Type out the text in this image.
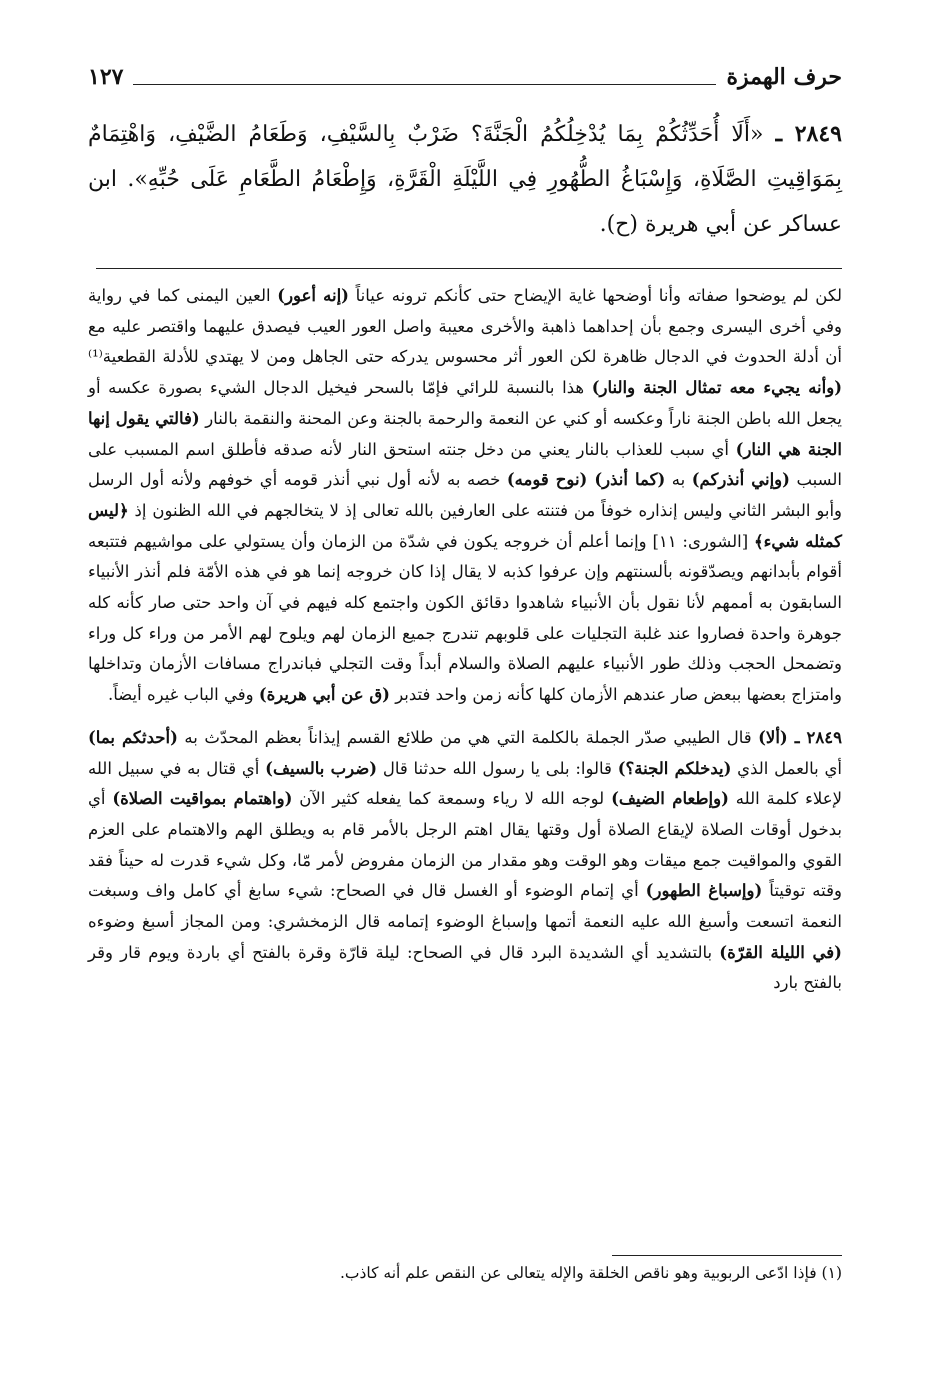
حرف الهمزة
١٢٧
٢٨٤٩ ـ «أَلَا أُحَدِّثُكُمْ بِمَا يُدْخِلُكُمُ الْجَنَّةَ؟ ضَرْبٌ بِالسَّيْفِ، وَطَعَامُ الضَّيْفِ، وَاهْتِمَامٌ بِمَوَاقِيتِ الصَّلَاةِ، وَإِسْبَاغُ الطُّهُورِ فِي اللَّيْلَةِ الْقَرَّةِ، وَإِطْعَامُ الطَّعَامِ عَلَى حُبِّهِ». ابن عساكر عن أبي هريرة (ح).

لكن لم يوضحوا صفاته وأنا أوضحها غاية الإيضاح حتى كأنكم ترونه عياناً (إنه أعور) العين اليمنى كما في رواية وفي أخرى اليسرى وجمع بأن إحداهما ذاهبة والأخرى معيبة واصل العور العيب فيصدق عليهما واقتصر عليه مع أن أدلة الحدوث في الدجال ظاهرة لكن العور أثر محسوس يدركه حتى الجاهل ومن لا يهتدي للأدلة القطعية⁽¹⁾ (وأنه يجيء معه تمثال الجنة والنار) هذا بالنسبة للرائي فإمّا بالسحر فيخيل الدجال الشيء بصورة عكسه أو يجعل الله باطن الجنة ناراً وعكسه أو كني عن النعمة والرحمة بالجنة وعن المحنة والنقمة بالنار (فالتي يقول إنها الجنة هي النار) أي سبب للعذاب بالنار يعني من دخل جنته استحق النار لأنه صدقه فأطلق اسم المسبب على السبب (وإني أنذركم) به (كما أنذر) (نوح قومه) خصه به لأنه أول نبي أنذر قومه أي خوفهم ولأنه أول الرسل وأبو البشر الثاني وليس إنذاره خوفاً من فتنته على العارفين بالله تعالى إذ لا يتخالجهم في الله الظنون إذ ﴿ليس كمثله شيء﴾ [الشورى: ١١] وإنما أعلم أن خروجه يكون في شدّة من الزمان وأن يستولي على مواشيهم فتتبعه أقوام بأبدانهم ويصدّقونه بألسنتهم وإن عرفوا كذبه لا يقال إذا كان خروجه إنما هو في هذه الأمّة فلم أنذر الأنبياء السابقون به أممهم لأنا نقول بأن الأنبياء شاهدوا دقائق الكون واجتمع كله فيهم في آن واحد حتى صار كأنه كله جوهرة واحدة فصاروا عند غلبة التجليات على قلوبهم تندرج جميع الزمان لهم ويلوح لهم الأمر من وراء كل وراء وتضمحل الحجب وذلك طور الأنبياء عليهم الصلاة والسلام أبداً وقت التجلي فباندراج مسافات الأزمان وتداخلها وامتزاج بعضها ببعض صار عندهم الأزمان كلها كأنه زمن واحد فتدبر (ق عن أبي هريرة) وفي الباب غيره أيضاً.

٢٨٤٩ ـ (ألا) قال الطيبي صدّر الجملة بالكلمة التي هي من طلائع القسم إيذاناً بعظم المحدّث به (أحدثكم بما) أي بالعمل الذي (يدخلكم الجنة؟) قالوا: بلى يا رسول الله حدثنا قال (ضرب بالسيف) أي قتال به في سبيل الله لإعلاء كلمة الله (وإطعام الضيف) لوجه الله لا رياء وسمعة كما يفعله كثير الآن (واهتمام بمواقيت الصلاة) أي بدخول أوقات الصلاة لإيقاع الصلاة أول وقتها يقال اهتم الرجل بالأمر قام به ويطلق الهم والاهتمام على العزم القوي والمواقيت جمع ميقات وهو الوقت وهو مقدار من الزمان مفروض لأمر مّا، وكل شيء قدرت له حيناً فقد وقته توقيتاً (وإسباغ الطهور) أي إتمام الوضوء أو الغسل قال في الصحاح: شيء سابغ أي كامل واف وسبغت النعمة اتسعت وأسبغ الله عليه النعمة أتمها وإسباغ الوضوء إتمامه قال الزمخشري: ومن المجاز أسبغ وضوءه (في الليلة القرّة) بالتشديد أي الشديدة البرد قال في الصحاح: ليلة قارّة وقرة بالفتح أي باردة ويوم قار وقر بالفتح بارد

(١) فإذا ادّعى الربوبية وهو ناقص الخلقة والإله يتعالى عن النقص علم أنه كاذب.
